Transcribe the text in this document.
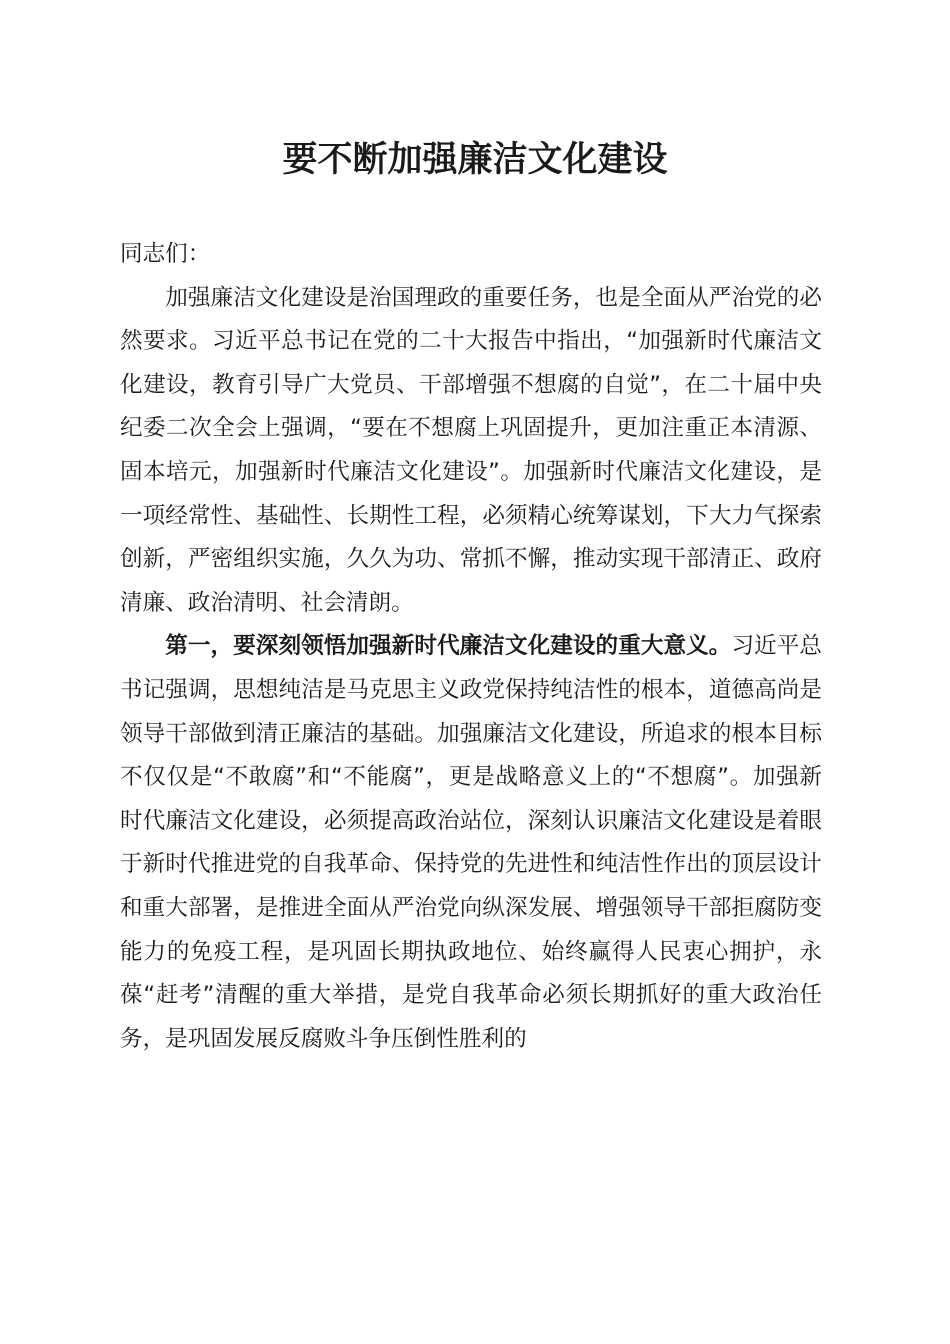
要不断加强廉洁文化建设

同志们：

加强廉洁文化建设是治国理政的重要任务，也是全面从严治党的必然要求。习近平总书记在党的二十大报告中指出，“加强新时代廉洁文化建设，教育引导广大党员、干部增强不想腐的自觉”，在二十届中央纪委二次全会上强调，“要在不想腐上巩固提升，更加注重正本清源、固本培元，加强新时代廉洁文化建设”。加强新时代廉洁文化建设，是一项经常性、基础性、长期性工程，必须精心统筹谋划，下大力气探索创新，严密组织实施，久久为功、常抓不懈，推动实现干部清正、政府清廉、政治清明、社会清朗。

第一，要深刻领悟加强新时代廉洁文化建设的重大意义。习近平总书记强调，思想纯洁是马克思主义政党保持纯洁性的根本，道德高尚是领导干部做到清正廉洁的基础。加强廉洁文化建设，所追求的根本目标不仅仅是“不敢腐”和“不能腐”，更是战略意义上的“不想腐”。加强新时代廉洁文化建设，必须提高政治站位，深刻认识廉洁文化建设是着眼于新时代推进党的自我革命、保持党的先进性和纯洁性作出的顶层设计和重大部署，是推进全面从严治党向纵深发展、增强领导干部拒腐防变能力的免疫工程，是巩固长期执政地位、始终赢得人民衷心拥护，永葆“赶考”清醒的重大举措，是党自我革命必须长期抓好的重大政治任务，是巩固发展反腐败斗争压倒性胜利的
